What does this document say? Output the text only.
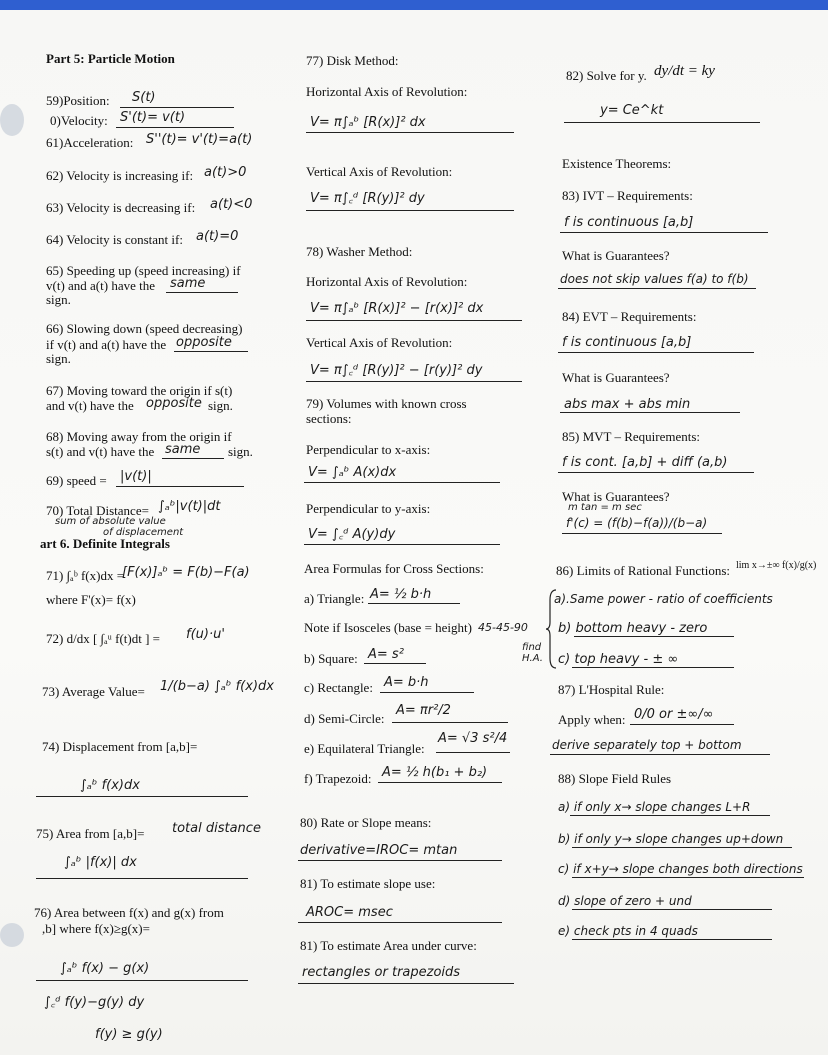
Part 5: Particle Motion
59)Position: S(t)
0)Velocity: S'(t)= v(t)
61)Acceleration: S''(t)= v'(t)=a(t)
62) Velocity is increasing if: a(t)>0
63) Velocity is decreasing if: a(t)<0
64) Velocity is constant if: a(t)=0
65) Speeding up (speed increasing) if
v(t) and a(t) have the same
sign.
66) Slowing down (speed decreasing)
if v(t) and a(t) have the opposite
sign.
67) Moving toward the origin if s(t)
and v(t) have the opposite sign.
68) Moving away from the origin if
s(t) and v(t) have the same sign.
69) speed = |v(t)|
70) Total Distance= ∫ₐᵇ|v(t)|dt
sum of absolute value
of displacement
art 6. Definite Integrals
71) ∫ₐᵇ f(x)dx =
[F(x)]ₐᵇ = F(b)−F(a)
where F'(x)= f(x)
72) d/dx [ ∫ₐᵘ f(t)dt ] = f(u)·u'
73) Average Value= 1/(b−a) ∫ₐᵇ f(x)dx
74) Displacement from [a,b]=
∫ₐᵇ f(x)dx
75) Area from [a,b]= total distance
∫ₐᵇ |f(x)| dx
76) Area between f(x) and g(x) from
,b] where f(x)≥g(x)=
∫ₐᵇ f(x) − g(x)
∫꜀ᵈ f(y)−g(y) dy
f(y) ≥ g(y)
77) Disk Method:
Horizontal Axis of Revolution:
V= π∫ₐᵇ [R(x)]² dx
Vertical Axis of Revolution:
V= π∫꜀ᵈ [R(y)]² dy
78) Washer Method:
Horizontal Axis of Revolution:
V= π∫ₐᵇ [R(x)]² − [r(x)]² dx
Vertical Axis of Revolution:
V= π∫꜀ᵈ [R(y)]² − [r(y)]² dy
79) Volumes with known cross
sections:
Perpendicular to x-axis:
V= ∫ₐᵇ A(x)dx
Perpendicular to y-axis:
V= ∫꜀ᵈ A(y)dy
Area Formulas for Cross Sections:
a) Triangle: A= ½ b·h
Note if Isosceles (base = height) 45-45-90
b) Square: A= s²	find
H.A.
c) Rectangle: A= b·h
d) Semi-Circle:
A= πr²/2
e) Equilateral Triangle:
A= √3 s²/4
f) Trapezoid: A= ½ h(b₁ + b₂)
80) Rate or Slope means:
derivative=IROC= mtan
81) To estimate slope use:
AROC= msec
81) To estimate Area under curve:
rectangles or trapezoids
82) Solve for y. dy/dt = ky
y= Ce^kt
Existence Theorems:
83) IVT – Requirements:
f is continuous [a,b]
What is Guarantees?
does not skip values f(a) to f(b)
84) EVT – Requirements:
f is continuous [a,b]
What is Guarantees?
abs max + abs min
85) MVT – Requirements:
f is cont. [a,b] + diff (a,b)
What is Guarantees?
m tan = m sec
f'(c) = (f(b)−f(a))/(b−a)
86) Limits of Rational Functions: lim x→±∞ f(x)/g(x)
a).Same power - ratio of coefficients
b) bottom heavy - zero
c) top heavy - ± ∞
87) L'Hospital Rule:
Apply when: 0/0 or ±∞/∞
derive separately top + bottom
88) Slope Field Rules
a) if only x→ slope changes L+R
b) if only y→ slope changes up+down
c) if x+y→ slope changes both directions
d) slope of zero + und
e) check pts in 4 quads
